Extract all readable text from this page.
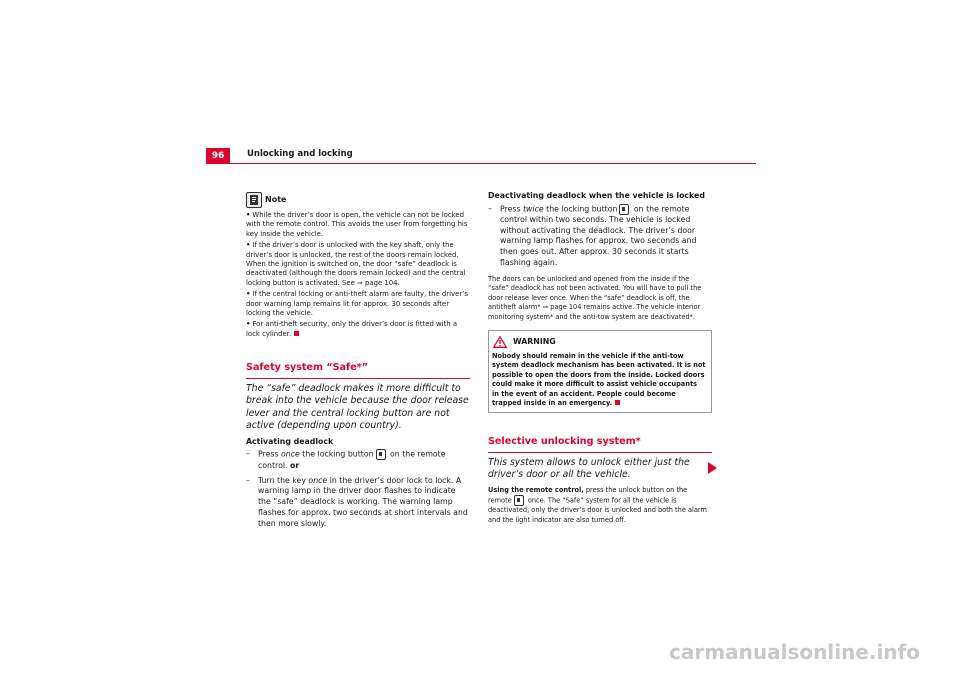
96	Unlocking and locking
Note
• While the driver’s door is open, the vehicle can not be locked with the remote control. This avoids the user from forgetting his key inside the vehicle.
• If the driver’s door is unlocked with the key shaft, only the driver’s door is unlocked, the rest of the doors remain locked. When the ignition is switched on, the door “safe” deadlock is deactivated (although the doors remain locked) and the central locking button is activated. See ⇒ page 104.
• If the central locking or anti-theft alarm are faulty, the driver’s door warning lamp remains lit for approx. 30 seconds after locking the vehicle.
• For anti-theft security, only the driver’s door is fitted with a lock cylinder.
Safety system “Safe*”

The “safe” deadlock makes it more difficult to break into the vehicle because the door release lever and the central locking button are not active (depending upon country).

Activating deadlock
–	Press once the locking button on the remote control. or
–	Turn the key once in the driver’s door lock to lock. A warning lamp in the driver door flashes to indicate the “safe” deadlock is working. The warning lamp flashes for approx. two seconds at short intervals and then more slowly.
Deactivating deadlock when the vehicle is locked
–	Press twice the locking button on the remote control within two seconds. The vehicle is locked without activating the deadlock. The driver’s door warning lamp flashes for approx. two seconds and then goes out. After approx. 30 seconds it starts flashing again.

The doors can be unlocked and opened from the inside if the “safe” deadlock has not been activated. You will have to pull the door release lever once. When the “safe” deadlock is off, the antitheft alarm* ⇒ page 104 remains active. The vehicle interior monitoring system* and the anti-tow system are deactivated*.

WARNING
Nobody should remain in the vehicle if the anti-tow system deadlock mechanism has been activated. It is not possible to open the doors from the inside. Locked doors could make it more difficult to assist vehicle occupants in the event of an accident. People could become trapped inside in an emergency.
Selective unlocking system*

This system allows to unlock either just the driver’s door or all the vehicle.

Using the remote control, press the unlock button on the remote once. The “Safe” system for all the vehicle is deactivated, only the driver’s door is unlocked and both the alarm and the light indicator are also turned off.

carmanualsonline.info
